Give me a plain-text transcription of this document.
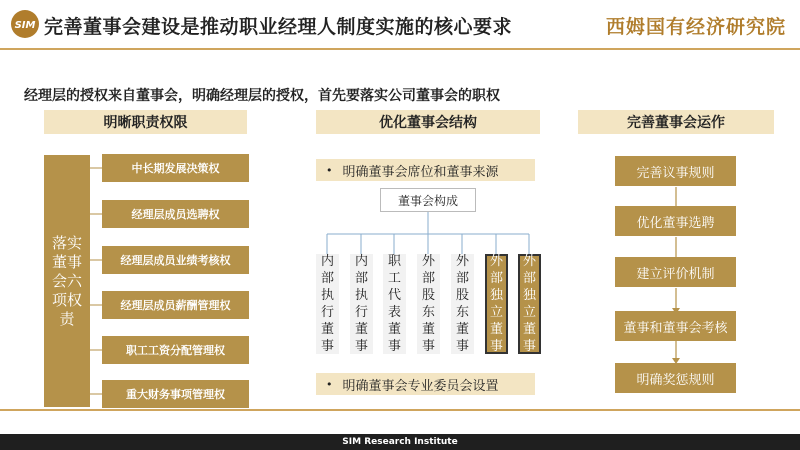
SIM 完善董事会建设是推动职业经理人制度实施的核心要求	西姆国有经济研究院
经理层的授权来自董事会，明确经理层的授权，首先要落实公司董事会的职权
明晰职责权限	优化董事会结构	完善董事会运作
落实董事会六项权责
中长期发展决策权
经理层成员选聘权
经理层成员业绩考核权
经理层成员薪酬管理权
职工工资分配管理权
重大财务事项管理权
• 明确董事会席位和董事来源
董事会构成
内部执行董事
内部执行董事
职工代表董事
外部股东董事
外部股东董事
外部独立董事
外部独立董事
• 明确董事会专业委员会设置
完善议事规则
优化董事选聘
建立评价机制
董事和董事会考核
明确奖惩规则
SIM Research Institute
